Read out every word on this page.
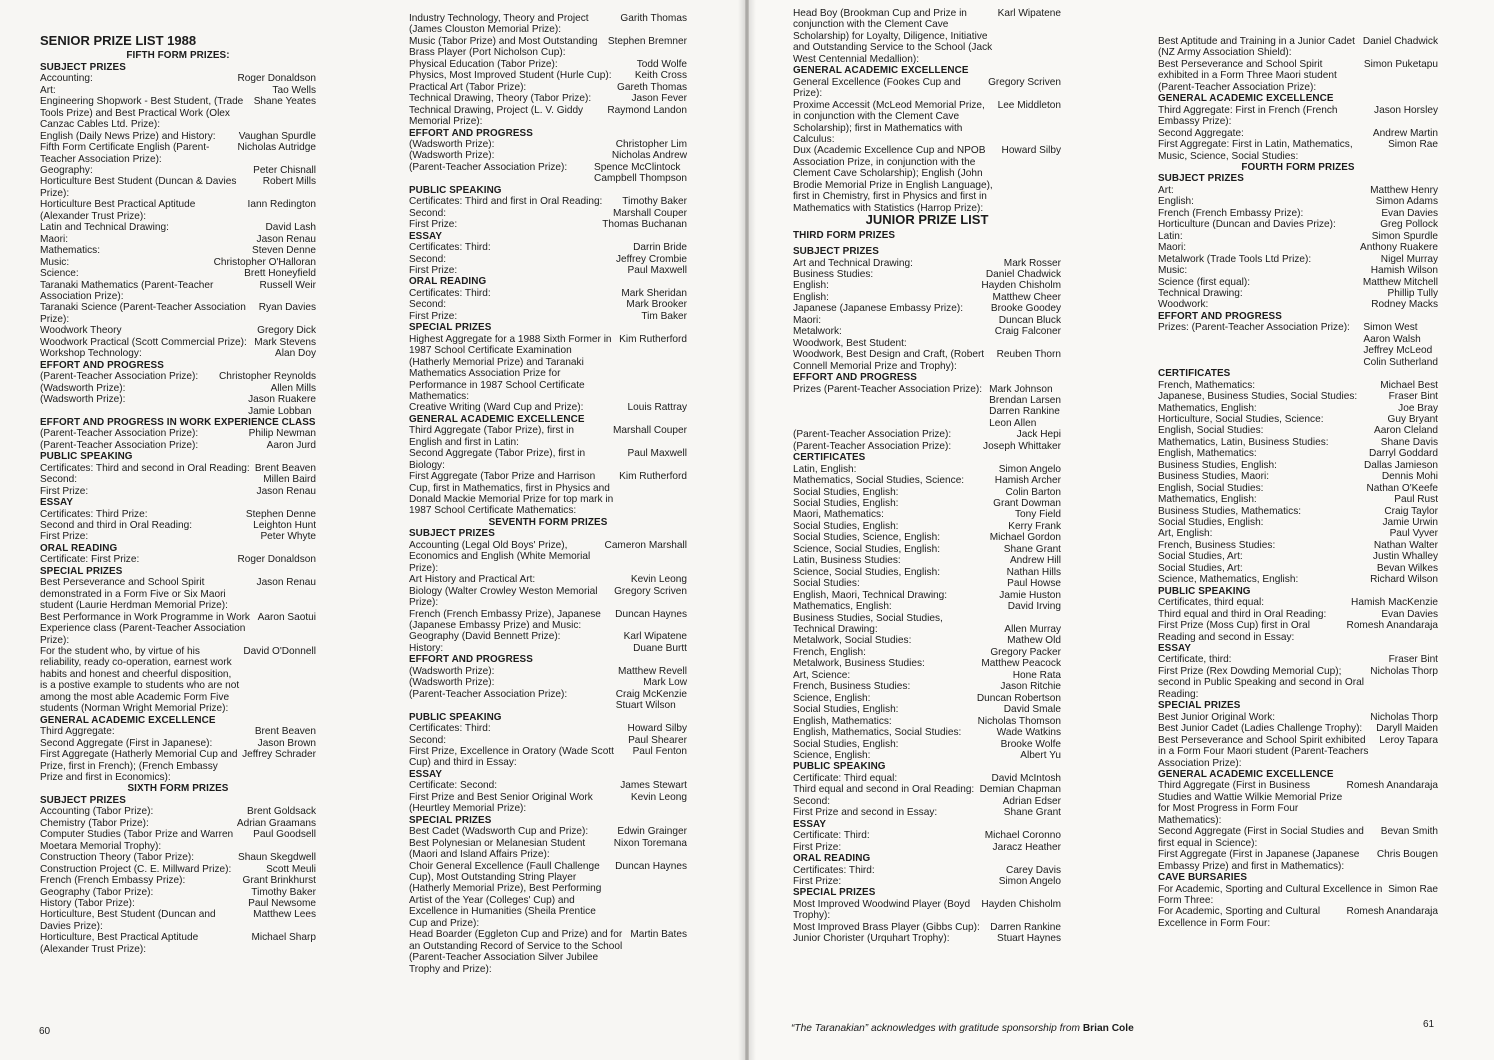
SENIOR PRIZE LIST 1988
FIFTH FORM PRIZES:
SUBJECT PRIZES
Accounting:	Roger Donaldson
Art:	Tao Wells
Engineering Shopwork - Best Student, (Trade Tools Prize) and Best Practical Work (Olex Canzac Cables Ltd. Prize):
Shane Yeates
English (Daily News Prize) and History:	Vaughan Spurdle
Fifth Form Certificate English (Parent-Teacher Association Prize):
Nicholas Autridge
Geography:	Peter Chisnall
Horticulture Best Student (Duncan & Davies Prize):
Robert Mills
Horticulture Best Practical Aptitude (Alexander Trust Prize):
Iann Redington
Latin and Technical Drawing:	David Lash
Maori:	Jason Renau
Mathematics:	Steven Denne
Music:	Christopher O'Halloran
Science:	Brett Honeyfield
Taranaki Mathematics (Parent-Teacher Association Prize):
Russell Weir
Taranaki Science (Parent-Teacher Association Prize):
Ryan Davies
Woodwork Theory	Gregory Dick
Woodwork Practical (Scott Commercial Prize): Mark Stevens
Workshop Technology:	Alan Doy
EFFORT AND PROGRESS
(Parent-Teacher Association Prize):	Christopher Reynolds
(Wadsworth Prize):	Allen Mills
(Wadsworth Prize):	Jason Ruakere
Jamie Lobban
EFFORT AND PROGRESS IN WORK EXPERIENCE CLASS
(Parent-Teacher Association Prize):	Philip Newman
(Parent-Teacher Association Prize):	Aaron Jurd
PUBLIC SPEAKING
Certificates: Third and second in Oral Reading: Brent Beaven
Second:	Millen Baird
First Prize:	Jason Renau
ESSAY
Certificates: Third Prize:	Stephen Denne
Second and third in Oral Reading:	Leighton Hunt
First Prize:	Peter Whyte
ORAL READING
Certificate: First Prize:	Roger Donaldson
SPECIAL PRIZES
Best Perseverance and School Spirit demonstrated in a Form Five or Six Maori student (Laurie Herdman Memorial Prize):
Jason Renau
Best Performance in Work Programme in Work Experience class (Parent-Teacher Association Prize):
Aaron Saotui
For the student who, by virtue of his reliability, ready co-operation, earnest work habits and honest and cheerful disposition, is a postive example to students who are not among the most able Academic Form Five students (Norman Wright Memorial Prize):
David O'Donnell
GENERAL ACADEMIC EXCELLENCE
Third Aggregate:	Brent Beaven
Second Aggregate (First in Japanese):	Jason Brown
First Aggregate (Hatherly Memorial Cup and Prize, first in French); (French Embassy Prize and first in Economics):
Jeffrey Schrader
SIXTH FORM PRIZES
SUBJECT PRIZES
Accounting (Tabor Prize):	Brent Goldsack
Chemistry (Tabor Prize):	Adrian Graamans
Computer Studies (Tabor Prize and Warren Moetara Memorial Trophy):
Paul Goodsell
Construction Theory (Tabor Prize):	Shaun Skegdwell
Construction Project (C. E. Millward Prize):	Scott Meuli
French (French Embassy Prize):	Grant Brinkhurst
Geography (Tabor Prize):	Timothy Baker
History (Tabor Prize):	Paul Newsome
Horticulture, Best Student (Duncan and Davies Prize):
Matthew Lees
Horticulture, Best Practical Aptitude (Alexander Trust Prize):
Michael Sharp
Industry Technology, Theory and Project (James Clouston Memorial Prize):
Garith Thomas
Music (Tabor Prize) and Most Outstanding Brass Player (Port Nicholson Cup):
Stephen Bremner
Physical Education (Tabor Prize):	Todd Wolfe
Physics, Most Improved Student (Hurle Cup):	Keith Cross
Practical Art (Tabor Prize):	Gareth Thomas
Technical Drawing, Theory (Tabor Prize):	Jason Fever
Technical Drawing, Project (L. V. Giddy Memorial Prize):
Raymond Landon
EFFORT AND PROGRESS
(Wadsworth Prize):	Christopher Lim
(Wadsworth Prize):	Nicholas Andrew
(Parent-Teacher Association Prize):	Spence McClintock
Campbell Thompson
PUBLIC SPEAKING
Certificates: Third and first in Oral Reading:	Timothy Baker
Second:	Marshall Couper
First Prize:	Thomas Buchanan
ESSAY
Certificates: Third:	Darrin Bride
Second:	Jeffrey Crombie
First Prize:	Paul Maxwell
ORAL READING
Certificates: Third:	Mark Sheridan
Second:	Mark Brooker
First Prize:	Tim Baker
SPECIAL PRIZES
Highest Aggregate for a 1988 Sixth Former in 1987 School Certificate Examination (Hatherly Memorial Prize) and Taranaki Mathematics Association Prize for Performance in 1987 School Certificate Mathematics:
Kim Rutherford
Creative Writing (Ward Cup and Prize):	Louis Rattray
GENERAL ACADEMIC EXCELLENCE
Third Aggregate (Tabor Prize), first in English and first in Latin:
Marshall Couper
Second Aggregate (Tabor Prize), first in Biology:
Paul Maxwell
First Aggregate (Tabor Prize and Harrison Cup, first in Mathematics, first in Physics and Donald Mackie Memorial Prize for top mark in 1987 School Certificate Mathematics:
Kim Rutherford
SEVENTH FORM PRIZES
SUBJECT PRIZES
Accounting (Legal Old Boys' Prize), Economics and English (White Memorial Prize):
Cameron Marshall
Art History and Practical Art:	Kevin Leong
Biology (Walter Crowley Weston Memorial Prize):
Gregory Scriven
French (French Embassy Prize), Japanese (Japanese Embassy Prize) and Music:
Duncan Haynes
Geography (David Bennett Prize):	Karl Wipatene
History:	Duane Burtt
EFFORT AND PROGRESS
(Wadsworth Prize):	Matthew Revell
(Wadsworth Prize):	Mark Low
(Parent-Teacher Association Prize):	Craig McKenzie
Stuart Wilson
PUBLIC SPEAKING
Certificates: Third:	Howard Silby
Second:	Paul Shearer
First Prize, Excellence in Oratory (Wade Scott Cup) and third in Essay:
Paul Fenton
ESSAY
Certificate: Second:	James Stewart
First Prize and Best Senior Original Work (Heurtley Memorial Prize):
Kevin Leong
SPECIAL PRIZES
Best Cadet (Wadsworth Cup and Prize):	Edwin Grainger
Best Polynesian or Melanesian Student (Maori and Island Affairs Prize):
Nixon Toremana
Choir General Excellence (Faull Challenge Cup), Most Outstanding String Player (Hatherly Memorial Prize), Best Performing Artist of the Year (Colleges' Cup) and Excellence in Humanities (Sheila Prentice Cup and Prize):
Duncan Haynes
Head Boarder (Eggleton Cup and Prize) and for an Outstanding Record of Service to the School (Parent-Teacher Association Silver Jubilee Trophy and Prize):
Martin Bates
60
Head Boy (Brookman Cup and Prize in conjunction with the Clement Cave Scholarship) for Loyalty, Diligence, Initiative and Outstanding Service to the School (Jack West Centennial Medallion):
Karl Wipatene
GENERAL ACADEMIC EXCELLENCE
General Excellence (Fookes Cup and Prize):
Gregory Scriven
Proxime Accessit (McLeod Memorial Prize, in conjunction with the Clement Cave Scholarship); first in Mathematics with Calculus:
Lee Middleton
Dux (Academic Excellence Cup and NPOB Association Prize, in conjunction with the Clement Cave Scholarship); English (John Brodie Memorial Prize in English Language), first in Chemistry, first in Physics and first in Mathematics with Statistics (Harrop Prize):
Howard Silby
JUNIOR PRIZE LIST
THIRD FORM PRIZES
SUBJECT PRIZES
Art and Technical Drawing:	Mark Rosser
Business Studies:	Daniel Chadwick
English:	Hayden Chisholm
English:	Matthew Cheer
Japanese (Japanese Embassy Prize):	Brooke Goodey
Maori:	Duncan Bluck
Metalwork:	Craig Falconer
Woodwork, Best Student:
Woodwork, Best Design and Craft, (Robert Connell Memorial Prize and Trophy):
Reuben Thorn
EFFORT AND PROGRESS
Prizes (Parent-Teacher Association Prize): Mark Johnson
Brendan Larsen
Darren Rankine
Leon Allen
(Parent-Teacher Association Prize):	Jack Hepi
(Parent-Teacher Association Prize):	Joseph Whittaker
CERTIFICATES
Latin, English:	Simon Angelo
Mathematics, Social Studies, Science:	Hamish Archer
Social Studies, English:	Colin Barton
Social Studies, English:	Grant Dowman
Maori, Mathematics:	Tony Field
Social Studies, English:	Kerry Frank
Social Studies, Science, English:	Michael Gordon
Science, Social Studies, English:	Shane Grant
Latin, Business Studies:	Andrew Hill
Science, Social Studies, English:	Nathan Hills
Social Studies:	Paul Howse
English, Maori, Technical Drawing:	Jamie Huston
Mathematics, English:	David Irving
Business Studies, Social Studies,
Technical Drawing:	Allen Murray
Metalwork, Social Studies:	Mathew Old
French, English:	Gregory Packer
Metalwork, Business Studies:	Matthew Peacock
Art, Science:	Hone Rata
French, Business Studies:	Jason Ritchie
Science, English:	Duncan Robertson
Social Studies, English:	David Smale
English, Mathematics:	Nicholas Thomson
English, Mathematics, Social Studies:	Wade Watkins
Social Studies, English:	Brooke Wolfe
Science, English:	Albert Yu
PUBLIC SPEAKING
Certificate: Third equal:	David McIntosh
Third equal and second in Oral Reading: Demian Chapman
Second:	Adrian Edser
First Prize and second in Essay:	Shane Grant
ESSAY
Certificate: Third:	Michael Coronno
First Prize:	Jaracz Heather
ORAL READING
Certificates: Third:	Carey Davis
First Prize:	Simon Angelo
SPECIAL PRIZES
Most Improved Woodwind Player (Boyd Trophy):
Hayden Chisholm
Most Improved Brass Player (Gibbs Cup):	Darren Rankine
Junior Chorister (Urquhart Trophy):	Stuart Haynes
Best Aptitude and Training in a Junior Cadet (NZ Army Association Shield):
Daniel Chadwick
Best Perseverance and School Spirit exhibited in a Form Three Maori student (Parent-Teacher Association Prize):
Simon Puketapu
GENERAL ACADEMIC EXCELLENCE
Third Aggregate: First in French (French Embassy Prize):
Jason Horsley
Second Aggregate:	Andrew Martin
First Aggregate: First in Latin, Mathematics, Music, Science, Social Studies:
Simon Rae
FOURTH FORM PRIZES
SUBJECT PRIZES
Art:	Matthew Henry
English:	Simon Adams
French (French Embassy Prize):	Evan Davies
Horticulture (Duncan and Davies Prize):	Greg Pollock
Latin:	Simon Spurdle
Maori:	Anthony Ruakere
Metalwork (Trade Tools Ltd Prize):	Nigel Murray
Music:	Hamish Wilson
Science (first equal):	Matthew Mitchell
Technical Drawing:	Phillip Tully
Woodwork:	Rodney Macks
EFFORT AND PROGRESS
Prizes: (Parent-Teacher Association Prize):	Simon West
Aaron Walsh
Jeffrey McLeod
Colin Sutherland
CERTIFICATES
French, Mathematics:	Michael Best
Japanese, Business Studies, Social Studies:	Fraser Bint
Mathematics, English:	Joe Bray
Horticulture, Social Studies, Science:	Guy Bryant
English, Social Studies:	Aaron Cleland
Mathematics, Latin, Business Studies:	Shane Davis
English, Mathematics:	Darryl Goddard
Business Studies, English:	Dallas Jamieson
Business Studies, Maori:	Dennis Mohi
English, Social Studies:	Nathan O'Keefe
Mathematics, English:	Paul Rust
Business Studies, Mathematics:	Craig Taylor
Social Studies, English:	Jamie Urwin
Art, English:	Paul Vyver
French, Business Studies:	Nathan Walter
Social Studies, Art:	Justin Whalley
Social Studies, Art:	Bevan Wilkes
Science, Mathematics, English:	Richard Wilson
PUBLIC SPEAKING
Certificates, third equal:	Hamish MacKenzie
Third equal and third in Oral Reading:	Evan Davies
First Prize (Moss Cup) first in Oral Reading and second in Essay:
Romesh Anandaraja
ESSAY
Certificate, third:	Fraser Bint
First Prize (Rex Dowding Memorial Cup); second in Public Speaking and second in Oral Reading:
Nicholas Thorp
SPECIAL PRIZES
Best Junior Original Work:	Nicholas Thorp
Best Junior Cadet (Ladies Challenge Trophy):	Daryll Maiden
Best Perseverance and School Spirit exhibited in a Form Four Maori student (Parent-Teachers Association Prize):
Leroy Tapara
GENERAL ACADEMIC EXCELLENCE
Third Aggregate (First in Business Studies and Wattie Wilkie Memorial Prize for Most Progress in Form Four Mathematics):
Romesh Anandaraja
Second Aggregate (First in Social Studies and first equal in Science):
Bevan Smith
First Aggregate (First in Japanese (Japanese Embassy Prize) and first in Mathematics):
Chris Bougen
CAVE BURSARIES
For Academic, Sporting and Cultural Excellence in Form Three:
Simon Rae
For Academic, Sporting and Cultural Excellence in Form Four:
Romesh Anandaraja
“The Taranakian” acknowledges with gratitude sponsorship from Brian Cole	61
